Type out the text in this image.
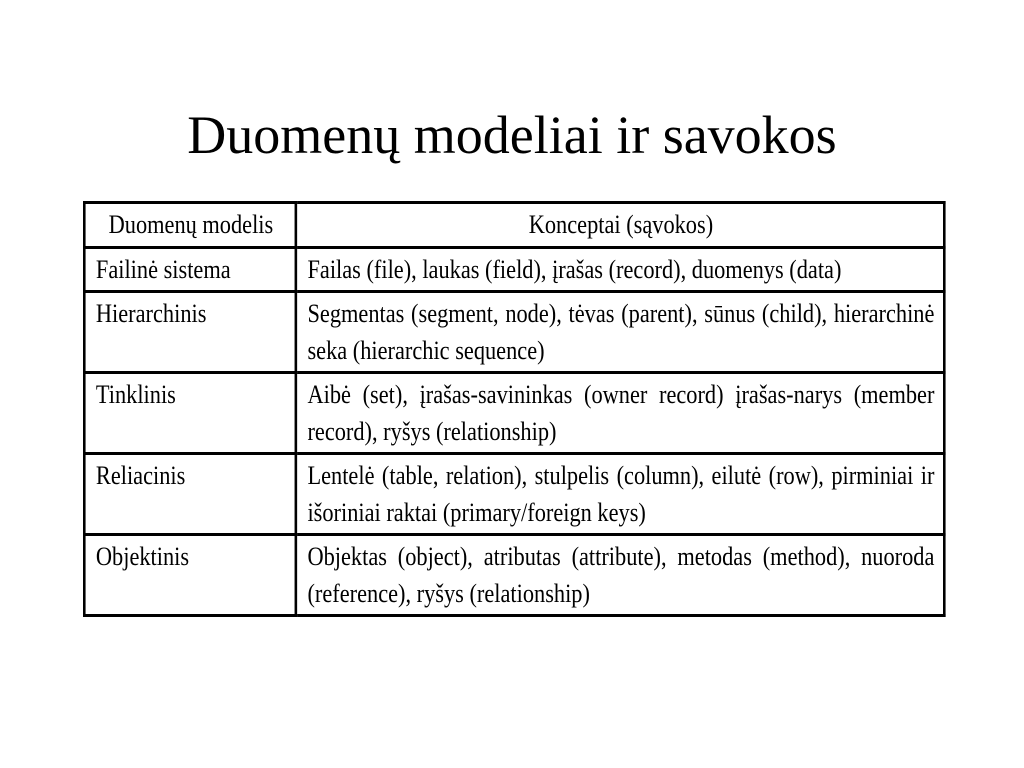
Duomenų modeliai ir savokos
Duomenų modelis	Konceptai (sąvokos)
Failinė sistema	Failas (file), laukas (field), įrašas (record), duomenys (data)
Hierarchinis	Segmentas (segment, node), tėvas (parent), sūnus (child), hierarchinė seka (hierarchic sequence)
Tinklinis	Aibė (set), įrašas-savininkas (owner record) įrašas-narys (member record), ryšys (relationship)
Reliacinis	Lentelė (table, relation), stulpelis (column), eilutė (row), pirminiai ir išoriniai raktai (primary/foreign keys)
Objektinis	Objektas (object), atributas (attribute), metodas (method), nuoroda (reference), ryšys (relationship)
